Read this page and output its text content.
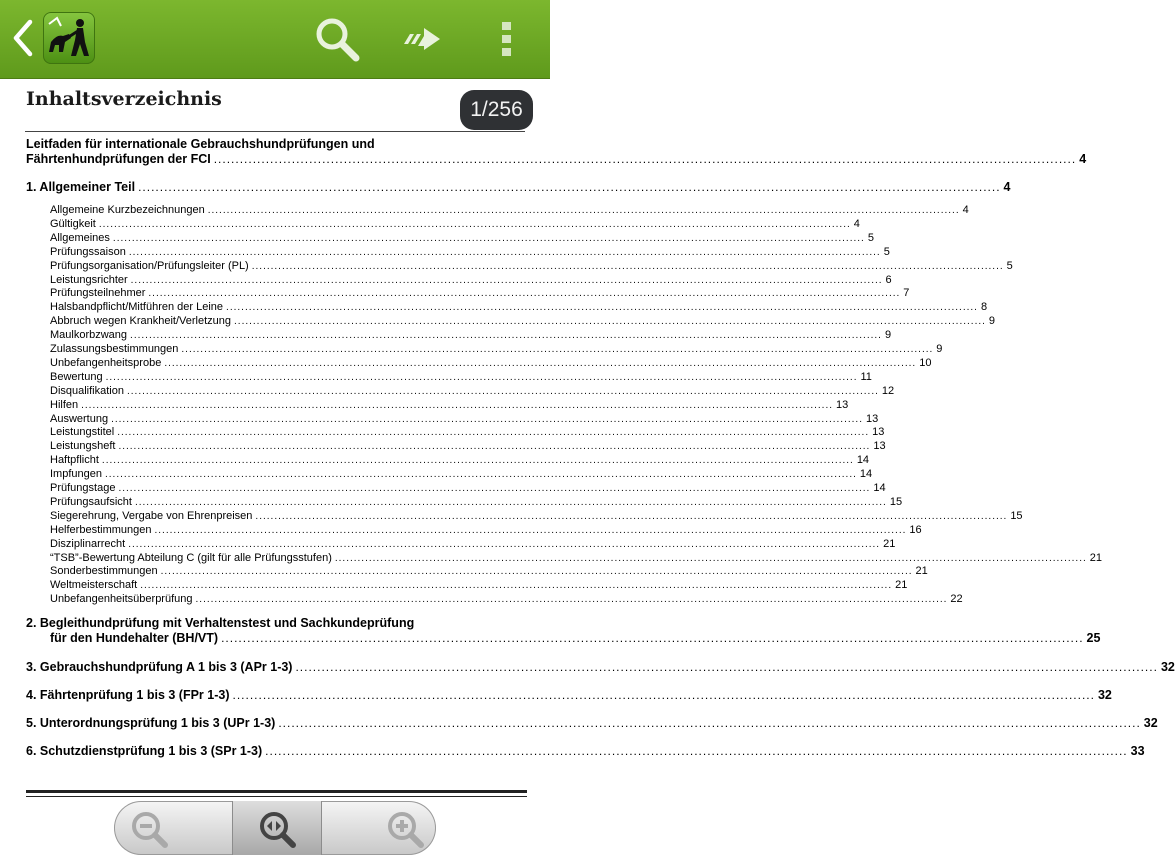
Inhaltsverzeichnis	1/256
Leitfaden für internationale Gebrauchshundprüfungen und
Fährtenhundprüfungen der FCI ....................................................................................................................................................................................................... 4
1. Allgemeiner Teil ....................................................................................................................................................................................................... 4
Allgemeine Kurzbezeichnungen ....................................................................................................................................................................................................... 4
Gültigkeit ....................................................................................................................................................................................................... 4
Allgemeines ....................................................................................................................................................................................................... 5
Prüfungssaison ....................................................................................................................................................................................................... 5
Prüfungsorganisation/Prüfungsleiter (PL) ....................................................................................................................................................................................................... 5
Leistungsrichter ....................................................................................................................................................................................................... 6
Prüfungsteilnehmer ....................................................................................................................................................................................................... 7
Halsbandpflicht/Mitführen der Leine ....................................................................................................................................................................................................... 8
Abbruch wegen Krankheit/Verletzung ....................................................................................................................................................................................................... 9
Maulkorbzwang ....................................................................................................................................................................................................... 9
Zulassungsbestimmungen ....................................................................................................................................................................................................... 9
Unbefangenheitsprobe ....................................................................................................................................................................................................... 10
Bewertung ....................................................................................................................................................................................................... 11
Disqualifikation ....................................................................................................................................................................................................... 12
Hilfen ....................................................................................................................................................................................................... 13
Auswertung ....................................................................................................................................................................................................... 13
Leistungstitel ....................................................................................................................................................................................................... 13
Leistungsheft ....................................................................................................................................................................................................... 13
Haftpflicht ....................................................................................................................................................................................................... 14
Impfungen ....................................................................................................................................................................................................... 14
Prüfungstage ....................................................................................................................................................................................................... 14
Prüfungsaufsicht ....................................................................................................................................................................................................... 15
Siegerehrung, Vergabe von Ehrenpreisen ....................................................................................................................................................................................................... 15
Helferbestimmungen ....................................................................................................................................................................................................... 16
Disziplinarrecht ....................................................................................................................................................................................................... 21
“TSB”-Bewertung Abteilung C (gilt für alle Prüfungsstufen) ....................................................................................................................................................................................................... 21
Sonderbestimmungen ....................................................................................................................................................................................................... 21
Weltmeisterschaft ....................................................................................................................................................................................................... 21
Unbefangenheitsüberprüfung ....................................................................................................................................................................................................... 22
2. Begleithundprüfung mit Verhaltenstest und Sachkundeprüfung
für den Hundehalter (BH/VT) ....................................................................................................................................................................................................... 25
3. Gebrauchshundprüfung A 1 bis 3 (APr 1-3) ....................................................................................................................................................................................................... 32
4. Fährtenprüfung 1 bis 3 (FPr 1-3) ....................................................................................................................................................................................................... 32
5. Unterordnungsprüfung 1 bis 3 (UPr 1-3) ....................................................................................................................................................................................................... 32
6. Schutzdienstprüfung 1 bis 3 (SPr 1-3) ....................................................................................................................................................................................................... 33
